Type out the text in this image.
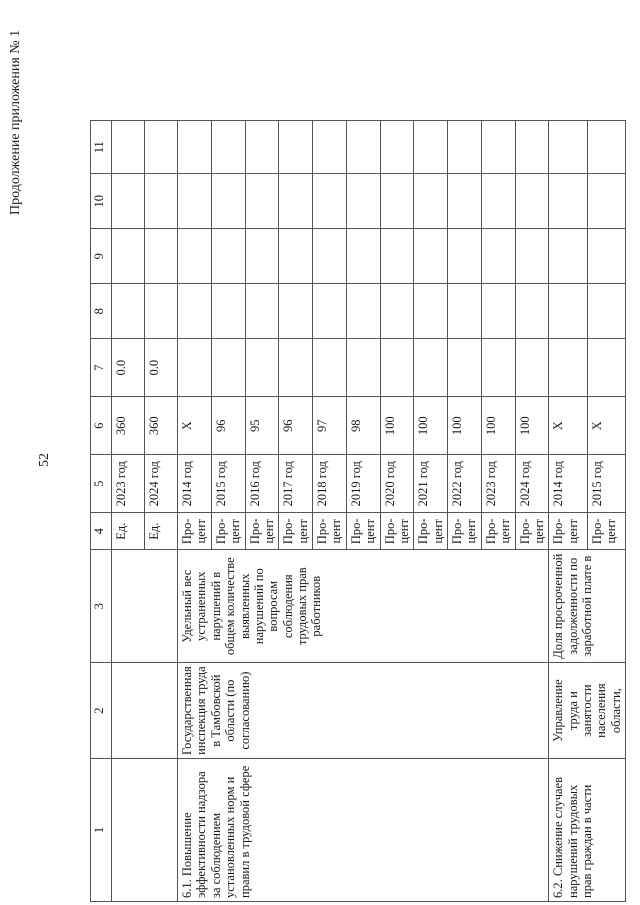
52
Продолжение приложения № 1
1	2	3	4	5	6	7	8	9	10	11
			Ед.	2023 год	360	0.0				
			Ед.	2024 год	360	0.0				
6.1. Повышение эффективности надзора за соблюдением установленных норм и правил в трудовой сфере	Государственная инспекция труда в Тамбовской области (по согласованию)	Удельный вес устраненных нарушений в общем количестве выявленных нарушений по вопросам соблюдения трудовых прав работников	Про-цент	2014 год	Х					
			Про-цент	2015 год	96					
			Про-цент	2016 год	95					
			Про-цент	2017 год	96					
			Про-цент	2018 год	97					
			Про-цент	2019 год	98					
			Про-цент	2020 год	100					
			Про-цент	2021 год	100					
			Про-цент	2022 год	100					
			Про-цент	2023 год	100					
			Про-цент	2024 год	100					
6.2. Снижение случаев нарушений трудовых прав граждан в части	Управление труда и занятости населения области,	Доля просроченной задолженности по заработной плате в	Про-цент	2014 год	Х					
			Про-цент	2015 год	Х					
